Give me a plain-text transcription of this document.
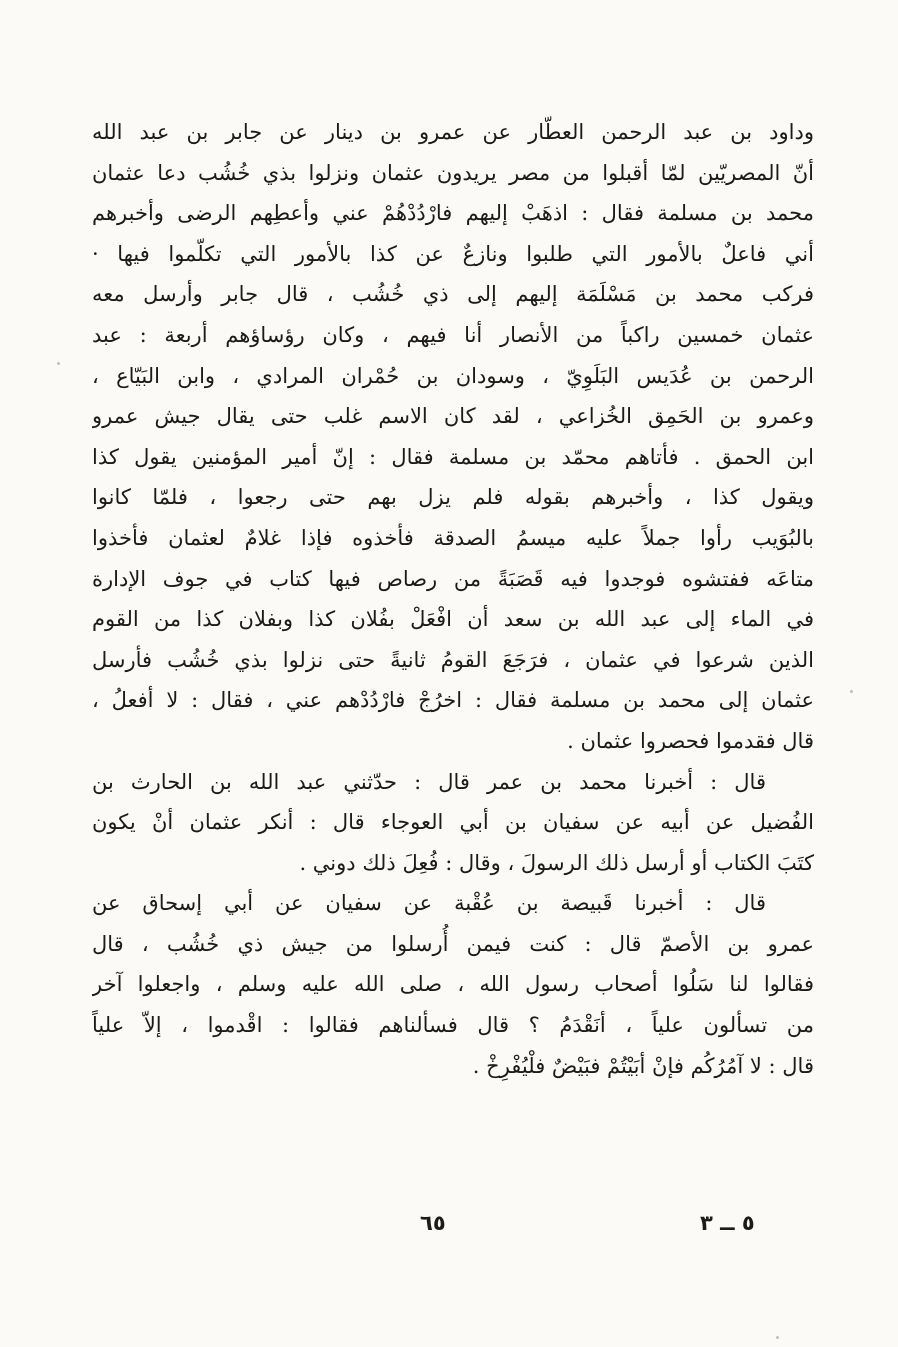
وداود بن عبد الرحمن العطّار عن عمرو بن دينار عن جابر بن عبد الله
أنّ المصريّين لمّا أقبلوا من مصر يريدون عثمان ونزلوا بذي خُشُب دعا عثمان
محمد بن مسلمة فقال : اذهَبْ إليهم فارْدُدْهُمْ عني وأعطِهم الرضى وأخبرهم
أني فاعلٌ بالأمور التي طلبوا ونازعٌ عن كذا بالأمور التي تكلّموا فيها ·
فركب محمد بن مَسْلَمَة إليهم إلى ذي خُشُب ، قال جابر وأرسل معه
عثمان خمسين راكباً من الأنصار أنا فيهم ، وكان رؤساؤهم أربعة : عبد
الرحمن بن عُدَيس البَلَوِيّ ، وسودان بن حُمْران المرادي ، وابن البَيّاع ،
وعمرو بن الحَمِق الخُزاعي ، لقد كان الاسم غلب حتى يقال جيش عمرو
ابن الحمق . فأتاهم محمّد بن مسلمة فقال : إنّ أمير المؤمنين يقول كذا
ويقول كذا ، وأخبرهم بقوله فلم يزل بهم حتى رجعوا ، فلمّا كانوا
بالبُوَيب رأوا جملاً عليه ميسمُ الصدقة فأخذوه فإذا غلامٌ لعثمان فأخذوا
متاعَه ففتشوه فوجدوا فيه قَصَبَةً من رصاص فيها كتاب في جوف الإدارة
في الماء إلى عبد الله بن سعد أن افْعَلْ بفُلان كذا وبفلان كذا من القوم
الذين شرعوا في عثمان ، فرَجَعَ القومُ ثانيةً حتى نزلوا بذي خُشُب فأرسل
عثمان إلى محمد بن مسلمة فقال : اخرُجْ فارْدُدْهم عني ، فقال : لا أفعلُ ،
قال فقدموا فحصروا عثمان .
قال : أخبرنا محمد بن عمر قال : حدّثني عبد الله بن الحارث بن
الفُضيل عن أبيه عن سفيان بن أبي العوجاء قال : أنكر عثمان أنْ يكون
كتَبَ الكتاب أو أرسل ذلك الرسولَ ، وقال : فُعِلَ ذلك دوني .
قال : أخبرنا قَبيصة بن عُقْبة عن سفيان عن أبي إسحاق عن
عمرو بن الأصمّ قال : كنت فيمن أُرسلوا من جيش ذي خُشُب ، قال
فقالوا لنا سَلُوا أصحاب رسول الله ، صلى الله عليه وسلم ، واجعلوا آخر
من تسألون علياً ، أنَقْدَمُ ؟ قال فسألناهم فقالوا : اقْدموا ، إلاّ علياً
قال : لا آمُرُكُم فإنْ أبَيْتُمْ فبَيْضٌ فلْيُفْرِخْ .
٦٥	٥ ــ ٣
